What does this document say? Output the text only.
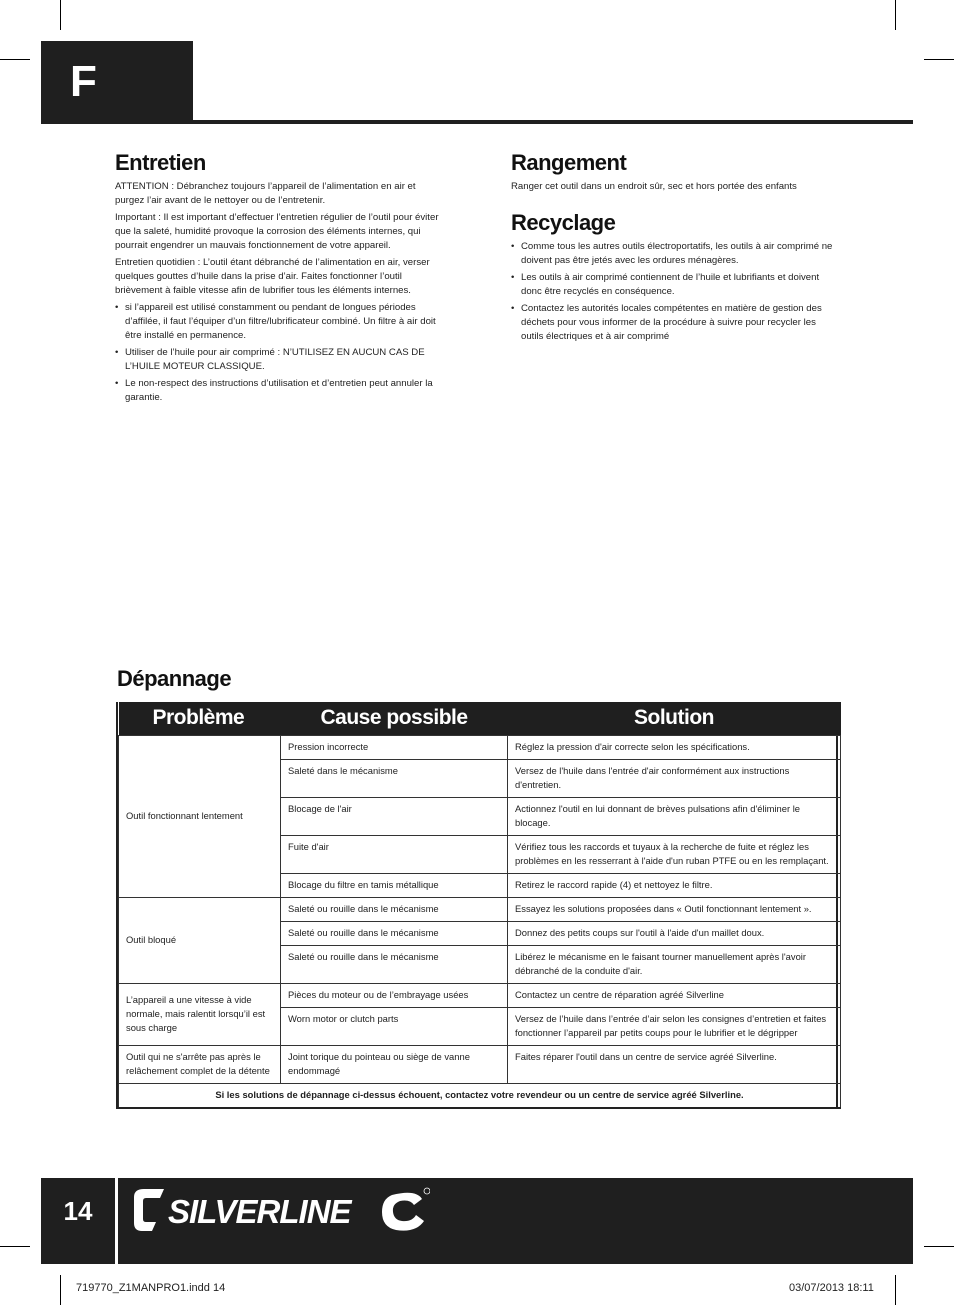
F
Entretien

ATTENTION : Débranchez toujours l’appareil de l’alimentation en air et purgez l’air avant de le nettoyer ou de l’entretenir.

Important : Il est important d’effectuer l’entretien régulier de l’outil pour éviter que la saleté, humidité provoque la corrosion des éléments internes, qui pourrait engendrer un mauvais fonctionnement de votre appareil.

Entretien quotidien : L’outil étant débranché de l’alimentation en air, verser quelques gouttes d’huile dans la prise d’air. Faites fonctionner l’outil brièvement à faible vitesse afin de lubrifier tous les éléments internes.

• si l’appareil est utilisé constamment ou pendant de longues périodes d’affilée, il faut l’équiper d’un filtre/lubrificateur combiné. Un filtre à air doit être installé en permanence.
• Utiliser de l’huile pour air comprimé : N’UTILISEZ EN AUCUN CAS DE L’HUILE MOTEUR CLASSIQUE.
• Le non-respect des instructions d’utilisation et d’entretien peut annuler la garantie.
Rangement

Ranger cet outil dans un endroit sûr, sec et hors portée des enfants

Recyclage
• Comme tous les autres outils électroportatifs, les outils à air comprimé ne doivent pas être jetés avec les ordures ménagères.
• Les outils à air comprimé contiennent de l’huile et lubrifiants et doivent donc être recyclés en conséquence.
• Contactez les autorités locales compétentes en matière de gestion des déchets pour vous informer de la procédure à suivre pour recycler les outils électriques et à air comprimé
Dépannage
Problème	Cause possible	Solution
Outil fonctionnant lentement	Pression incorrecte	Réglez la pression d'air correcte selon les spécifications.
	Saleté dans le mécanisme	Versez de l'huile dans l'entrée d'air conformément aux instructions d'entretien.
	Blocage de l'air	Actionnez l'outil en lui donnant de brèves pulsations afin d'éliminer le blocage.
	Fuite d'air	Vérifiez tous les raccords et tuyaux à la recherche de fuite et réglez les problèmes en les resserrant à l'aide d'un ruban PTFE ou en les remplaçant.
	Blocage du filtre en tamis métallique	Retirez le raccord rapide (4) et nettoyez le filtre.
Outil bloqué	Saleté ou rouille dans le mécanisme	Essayez les solutions proposées dans « Outil fonctionnant lentement ».
	Saleté ou rouille dans le mécanisme	Donnez des petits coups sur l'outil à l'aide d'un maillet doux.
	Saleté ou rouille dans le mécanisme	Libérez le mécanisme en le faisant tourner manuellement après l'avoir débranché de la conduite d'air.
L’appareil a une vitesse à vide normale, mais ralentit lorsqu’il est sous charge	Pièces du moteur ou de l’embrayage usées	Contactez un centre de réparation agréé Silverline
	Worn motor or clutch parts	Versez de l’huile dans l’entrée d’air selon les consignes d’entretien et faites fonctionner l’appareil par petits coups pour le lubrifier et le dégripper
Outil qui ne s'arrête pas après le relâchement complet de la détente	Joint torique du pointeau ou siège de vanne endommagé	Faites réparer l'outil dans un centre de service agréé Silverline.
Si les solutions de dépannage ci-dessus échouent, contactez votre revendeur ou un centre de service agréé Silverline.		
14	SILVERLINE
719770_Z1MANPRO1.indd 14	03/07/2013 18:11
